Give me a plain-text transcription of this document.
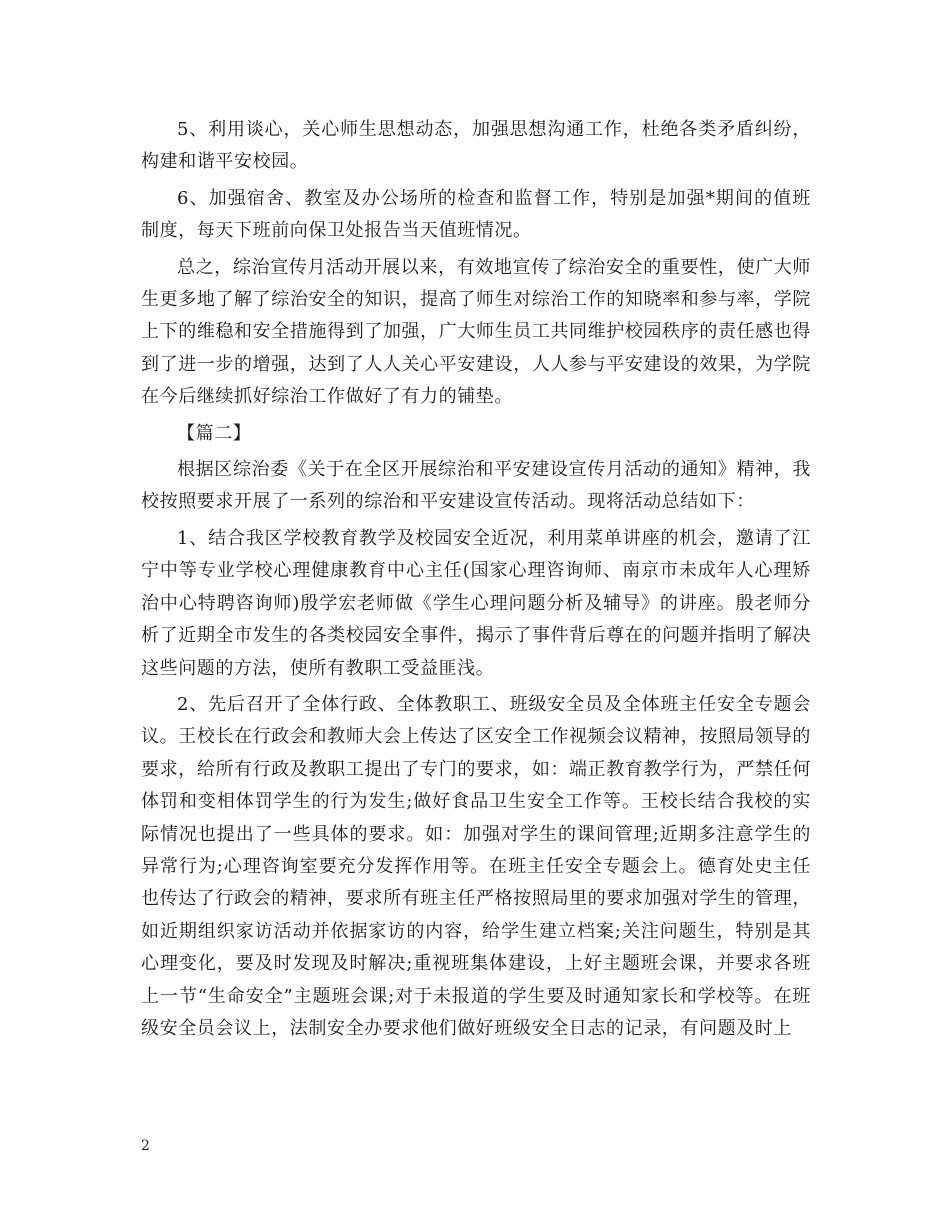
5、利用谈心，关心师生思想动态，加强思想沟通工作，杜绝各类矛盾纠纷，构建和谐平安校园。

6、加强宿舍、教室及办公场所的检查和监督工作，特别是加强*期间的值班制度，每天下班前向保卫处报告当天值班情况。

总之，综治宣传月活动开展以来，有效地宣传了综治安全的重要性，使广大师生更多地了解了综治安全的知识，提高了师生对综治工作的知晓率和参与率，学院上下的维稳和安全措施得到了加强，广大师生员工共同维护校园秩序的责任感也得到了进一步的增强，达到了人人关心平安建设，人人参与平安建设的效果，为学院在今后继续抓好综治工作做好了有力的铺垫。

【篇二】

根据区综治委《关于在全区开展综治和平安建设宣传月活动的通知》精神，我校按照要求开展了一系列的综治和平安建设宣传活动。现将活动总结如下：

1、结合我区学校教育教学及校园安全近况，利用菜单讲座的机会，邀请了江宁中等专业学校心理健康教育中心主任(国家心理咨询师、南京市未成年人心理矫治中心特聘咨询师)殷学宏老师做《学生心理问题分析及辅导》的讲座。殷老师分析了近期全市发生的各类校园安全事件，揭示了事件背后尊在的问题并指明了解决这些问题的方法，使所有教职工受益匪浅。

2、先后召开了全体行政、全体教职工、班级安全员及全体班主任安全专题会议。王校长在行政会和教师大会上传达了区安全工作视频会议精神，按照局领导的要求，给所有行政及教职工提出了专门的要求，如：端正教育教学行为，严禁任何体罚和变相体罚学生的行为发生;做好食品卫生安全工作等。王校长结合我校的实际情况也提出了一些具体的要求。如：加强对学生的课间管理;近期多注意学生的异常行为;心理咨询室要充分发挥作用等。在班主任安全专题会上。德育处史主任也传达了行政会的精神，要求所有班主任严格按照局里的要求加强对学生的管理，如近期组织家访活动并依据家访的内容，给学生建立档案;关注问题生，特别是其心理变化，要及时发现及时解决;重视班集体建设，上好主题班会课，并要求各班上一节“生命安全”主题班会课;对于未报道的学生要及时通知家长和学校等。在班级安全员会议上，法制安全办要求他们做好班级安全日志的记录，有问题及时上

2
